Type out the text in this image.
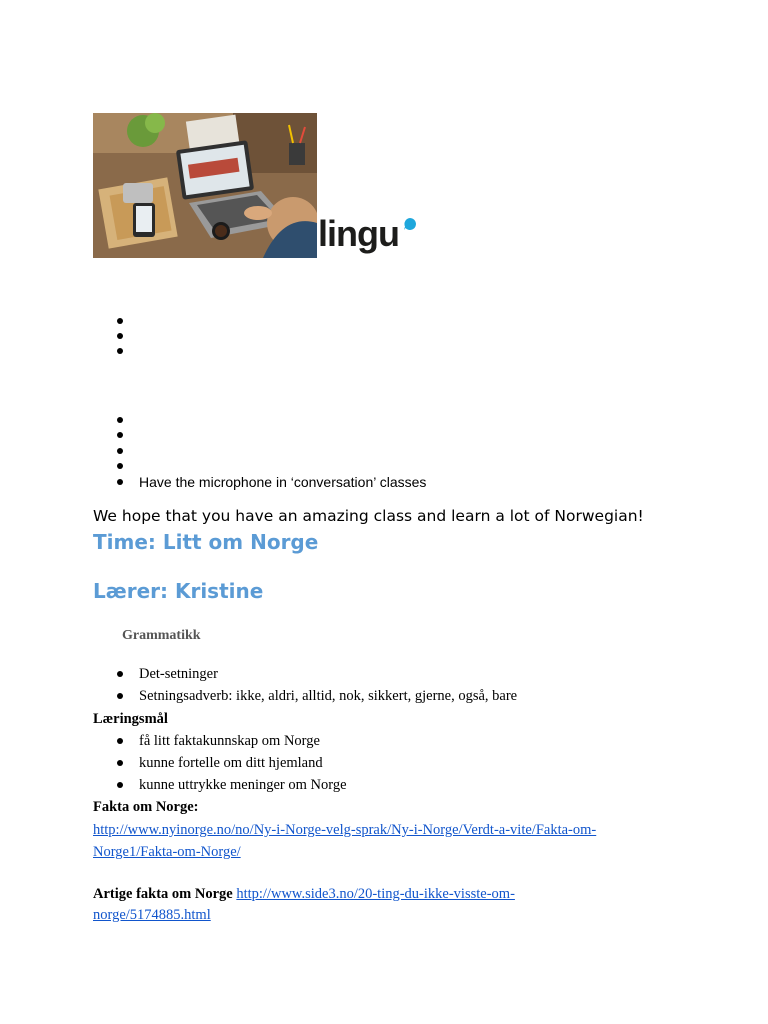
lingu
Have the microphone in ‘conversation’ classes
We hope that you have an amazing class and learn a lot of Norwegian!
Time: Litt om Norge
Lærer: Kristine
Grammatikk
Det-setninger
Setningsadverb: ikke, aldri, alltid, nok, sikkert, gjerne, også, bare
Læringsmål
få litt faktakunnskap om Norge
kunne fortelle om ditt hjemland
kunne uttrykke meninger om Norge
Fakta om Norge:
http://www.nyinorge.no/no/Ny-i-Norge-velg-sprak/Ny-i-Norge/Verdt-a-vite/Fakta-om-
Norge1/Fakta-om-Norge/
Artige fakta om Norge http://www.side3.no/20-ting-du-ikke-visste-om-
norge/5174885.html
